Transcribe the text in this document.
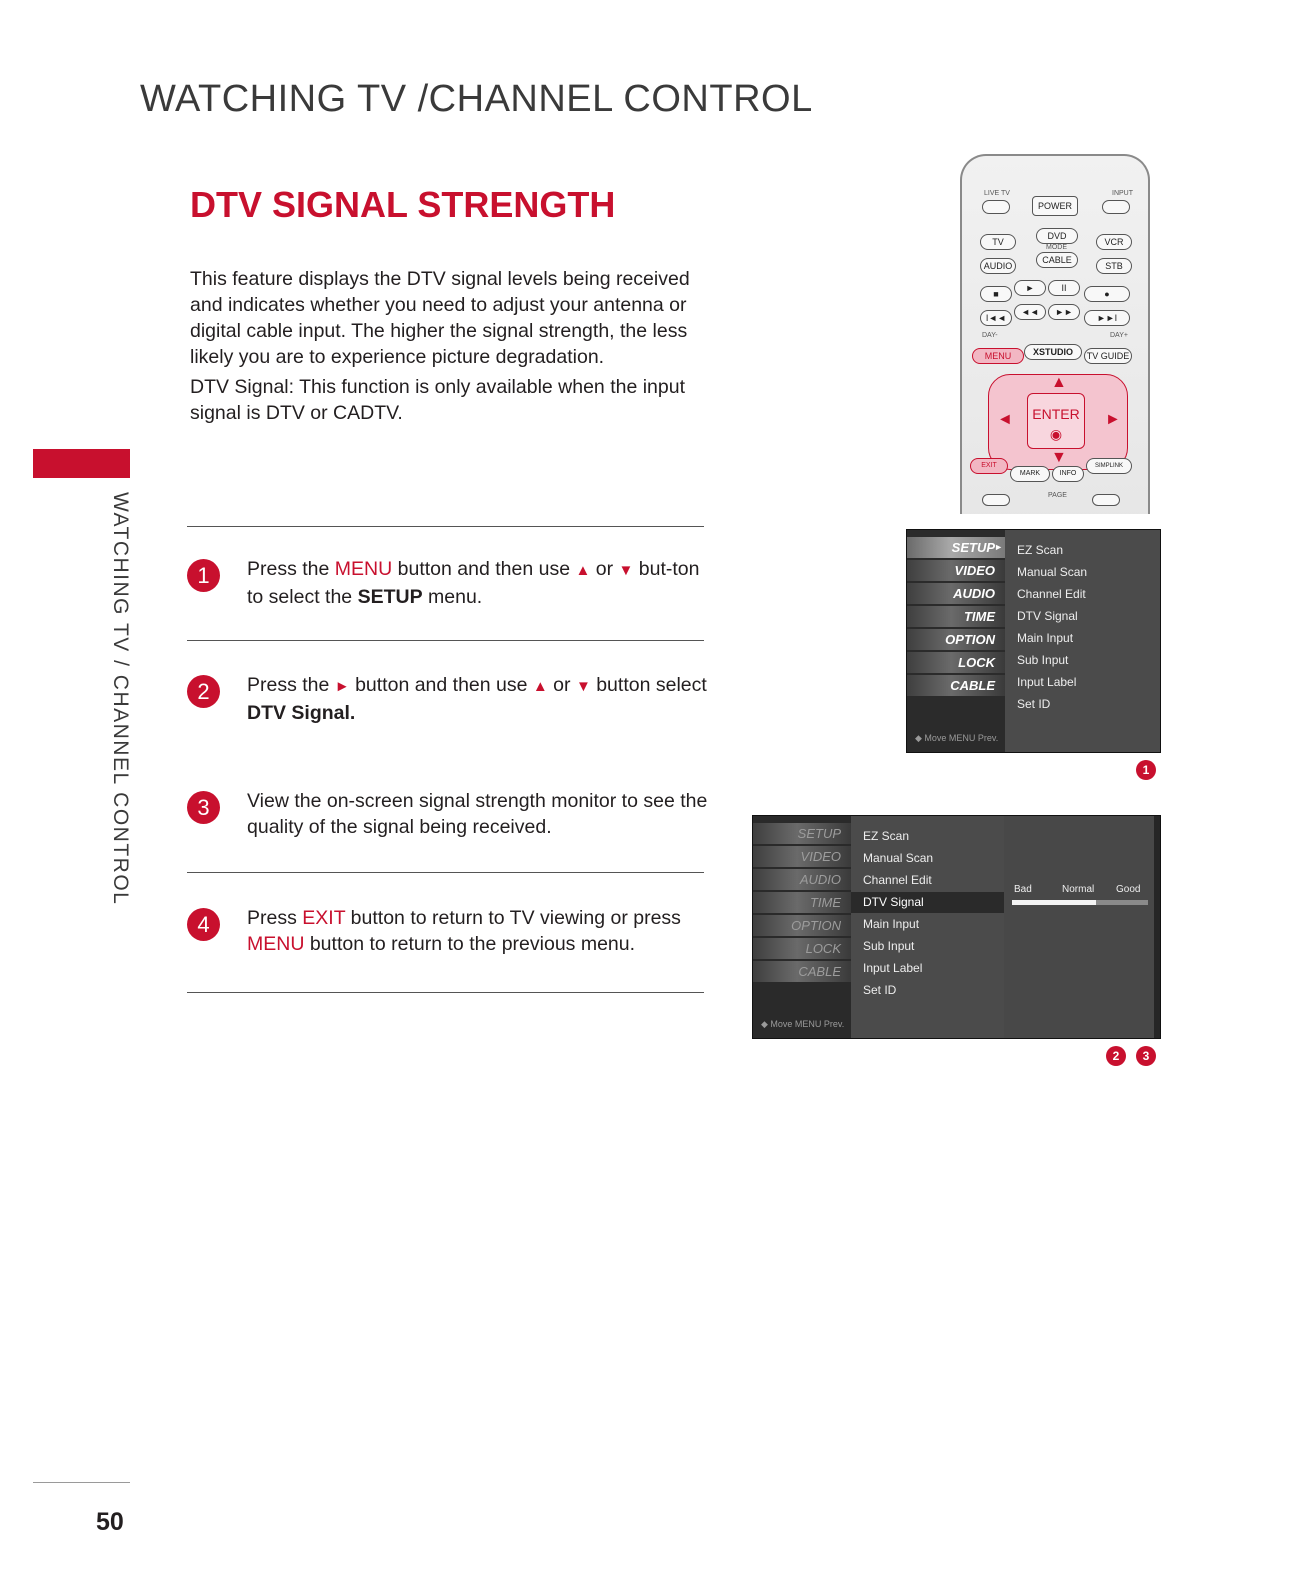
WATCHING TV /CHANNEL CONTROL
DTV SIGNAL STRENGTH

This feature displays the DTV signal levels being received and indicates whether you need to adjust your antenna or digital cable input. The higher the signal strength, the less likely you are to experience picture degradation.

DTV Signal: This function is only available when the input signal is DTV or CADTV.

WATCHING TV / CHANNEL CONTROL	1	Press the MENU button and then use ▲ or ▼ but-ton to select the SETUP menu.
2	Press the ► button and then use ▲ or ▼ button select DTV Signal.
3	View the on-screen signal strength monitor to see the quality of the signal being received.
4	Press EXIT button to return to TV viewing or press MENU button to return to the previous menu.
LIVE TV	INPUT
POWER
TV
DVD
MODE
VCR
AUDIO
CABLE
STB
■
►	II
●
I◄◄
◄◄	►►
►►I
DAY-	DAY+
MENU	XSTUDIO	TV GUIDE
▲
▼
◄	►
ENTER
◉
EXIT
MARK	INFO
SIMPLINK
PAGE
SETUP ►
VIDEO
AUDIO
TIME
OPTION
LOCK
CABLE
◆ Move MENU Prev.
EZ Scan
Manual Scan
Channel Edit
DTV Signal
Main Input
Sub Input
Input Label
Set ID
1
SETUP
VIDEO
AUDIO
TIME
OPTION
LOCK
CABLE
◆ Move MENU Prev.
EZ Scan
Manual Scan
Channel Edit
DTV Signal
Main Input
Sub Input
Input Label
Set ID
Bad	Normal Good
2	3
50
